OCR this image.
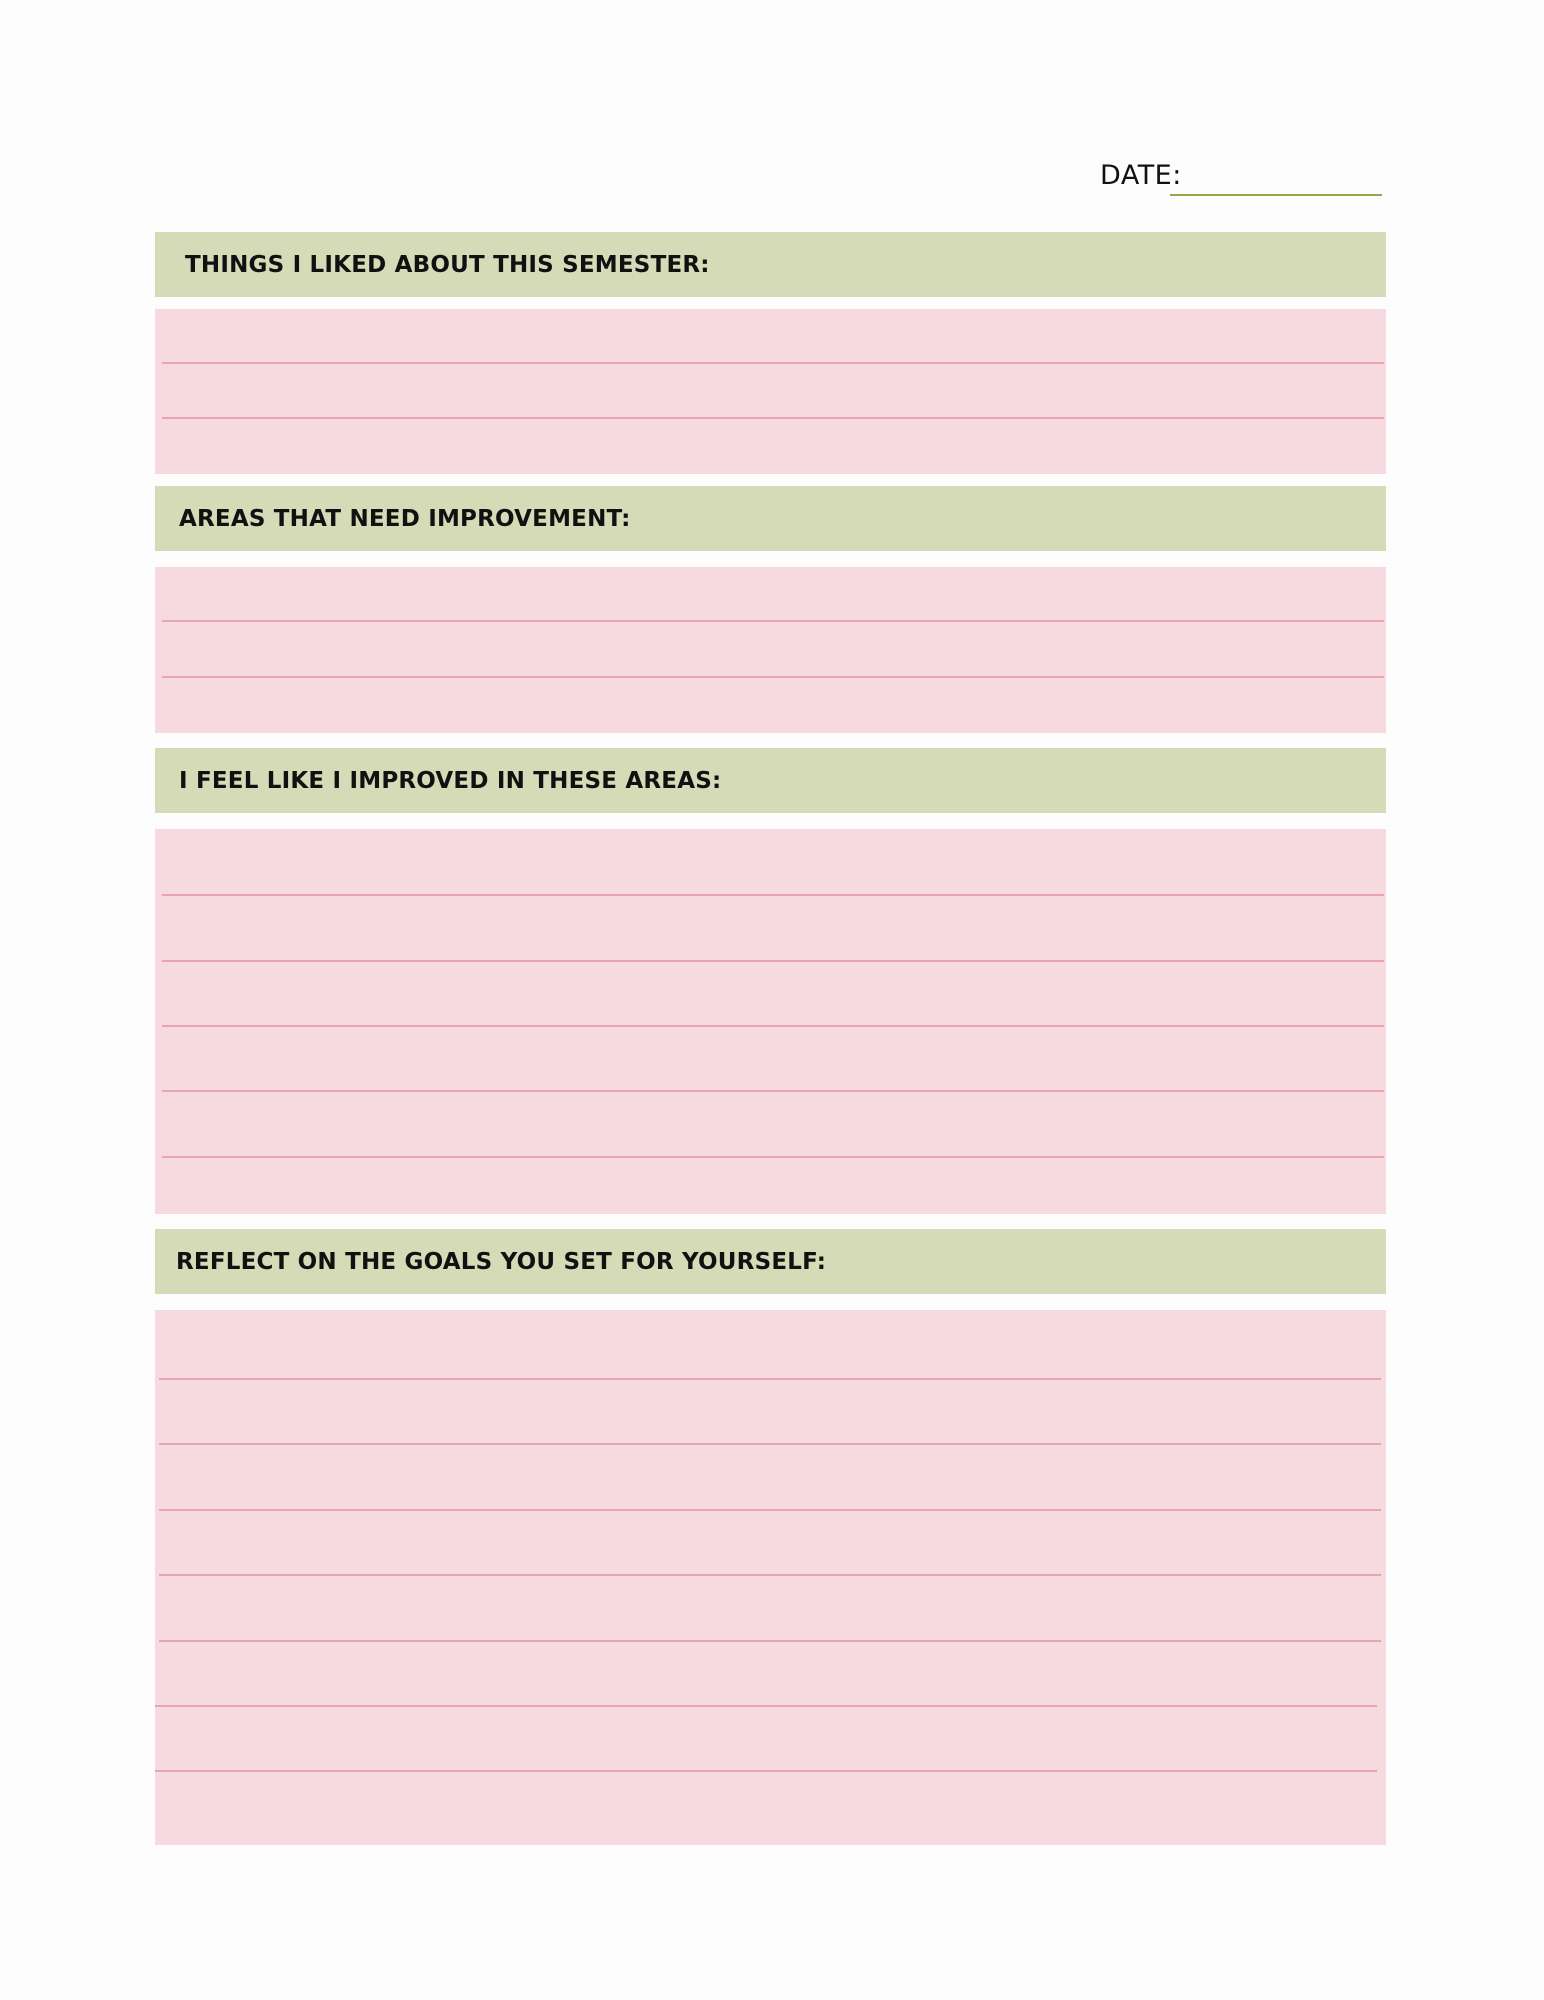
DATE:
THINGS I LIKED ABOUT THIS SEMESTER:
AREAS THAT NEED IMPROVEMENT:
I FEEL LIKE I IMPROVED IN THESE AREAS:
REFLECT ON THE GOALS YOU SET FOR YOURSELF:
